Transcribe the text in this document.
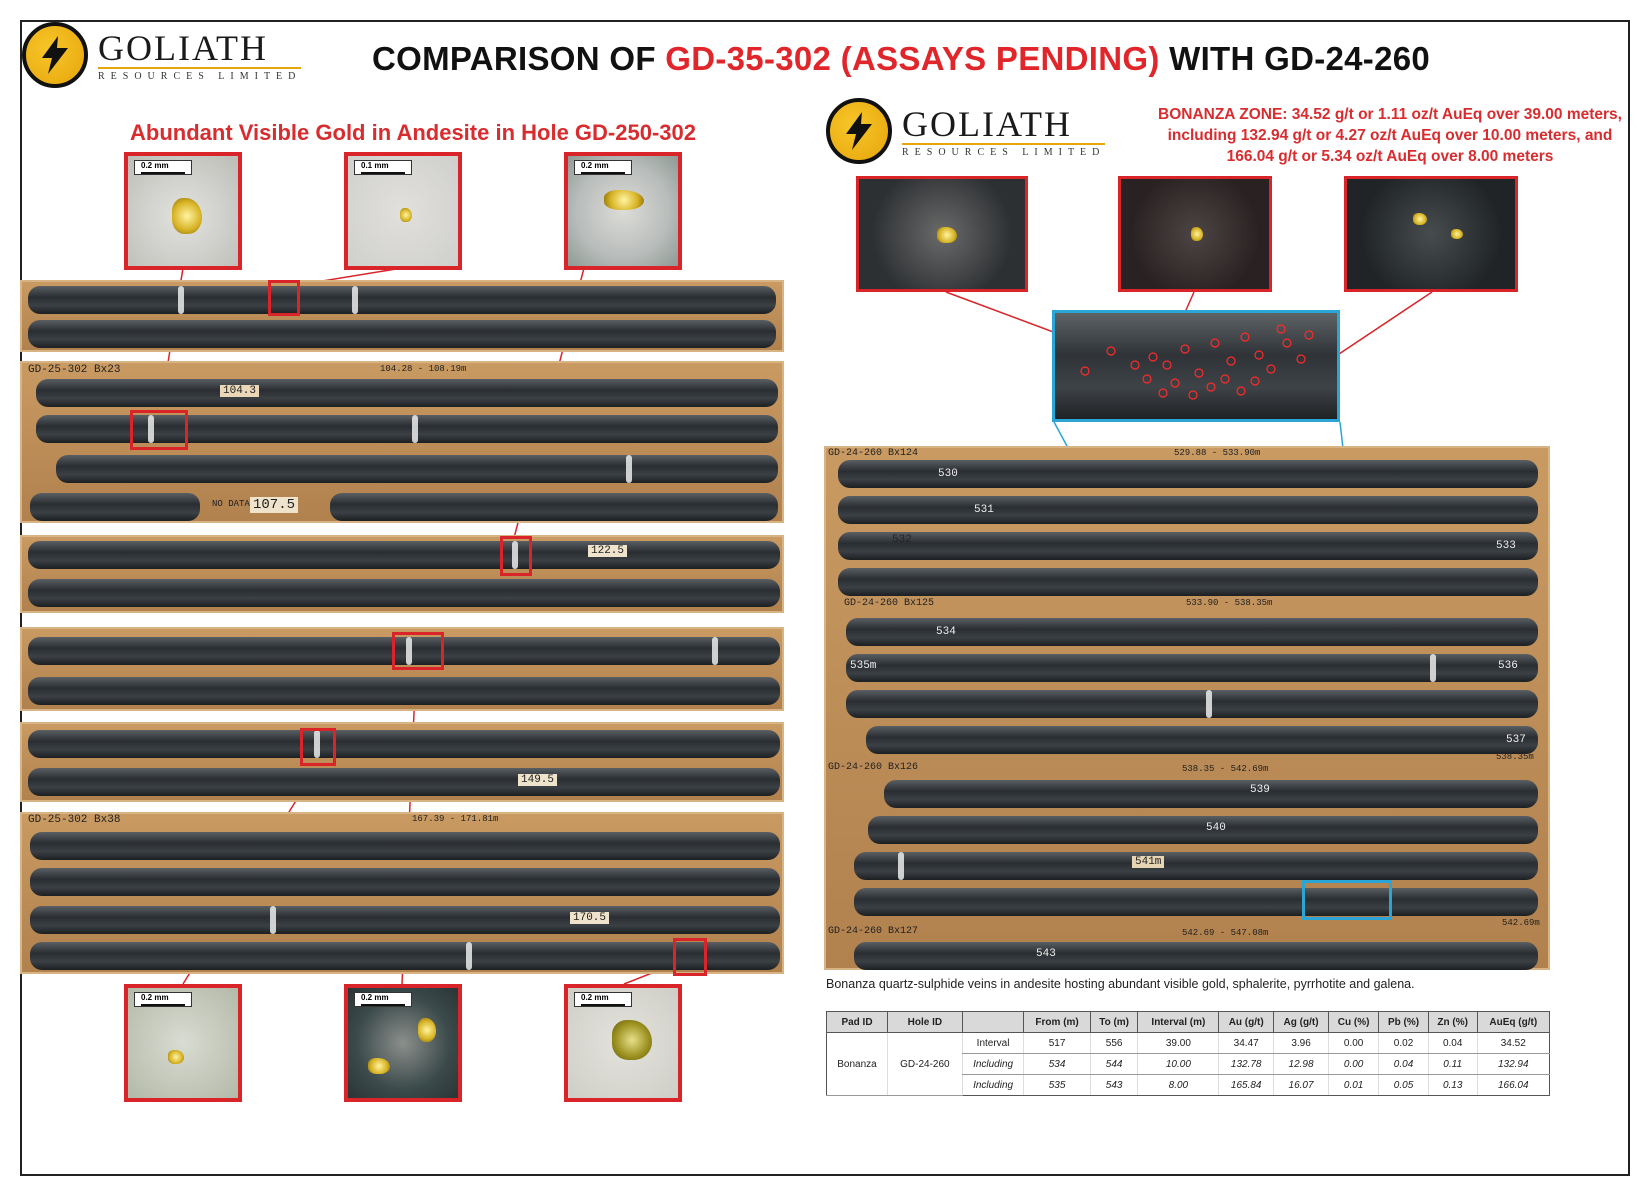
GOLIATH
RESOURCES LIMITED COMPARISON OF GD-35-302 (ASSAYS PENDING) WITH GD-24-260
Abundant Visible Gold in Andesite in Hole GD-250-302	GOLIATH
RESOURCES LIMITED
BONANZA ZONE: 34.52 g/t or 1.11 oz/t AuEq over 39.00 meters, including 132.94 g/t or 4.27 oz/t AuEq over 10.00 meters, and 166.04 g/t or 5.34 oz/t AuEq over 8.00 meters
0.2 mm	0.1 mm	0.2 mm
0.2 mm	0.2 mm	0.2 mm
GD-25-302 Bx23	104.28 - 108.19m
104.3
NO DATA 107.5
122.5
149.5
GD-25-302 Bx38	167.39 - 171.81m
170.5
GD-24-260 Bx124	529.88 - 533.90m
530
531
532	533
GD-24-260 Bx125	533.90 - 538.35m
534
535m	536
537
538.35m
GD-24-260 Bx126	538.35 - 542.69m
539
540
541m
542.69m
GD-24-260 Bx127	542.69 - 547.08m
543
Bonanza quartz-sulphide veins in andesite hosting abundant visible gold, sphalerite, pyrrhotite and galena.
Pad ID	Hole ID		From (m)	To (m)	Interval (m)	Au (g/t)	Ag (g/t)	Cu (%)	Pb (%)	Zn (%)	AuEq (g/t)
Bonanza	GD-24-260	Interval	517	556	39.00	34.47	3.96	0.00	0.02	0.04	34.52
		Including	534	544	10.00	132.78	12.98	0.00	0.04	0.11	132.94
		Including	535	543	8.00	165.84	16.07	0.01	0.05	0.13	166.04
